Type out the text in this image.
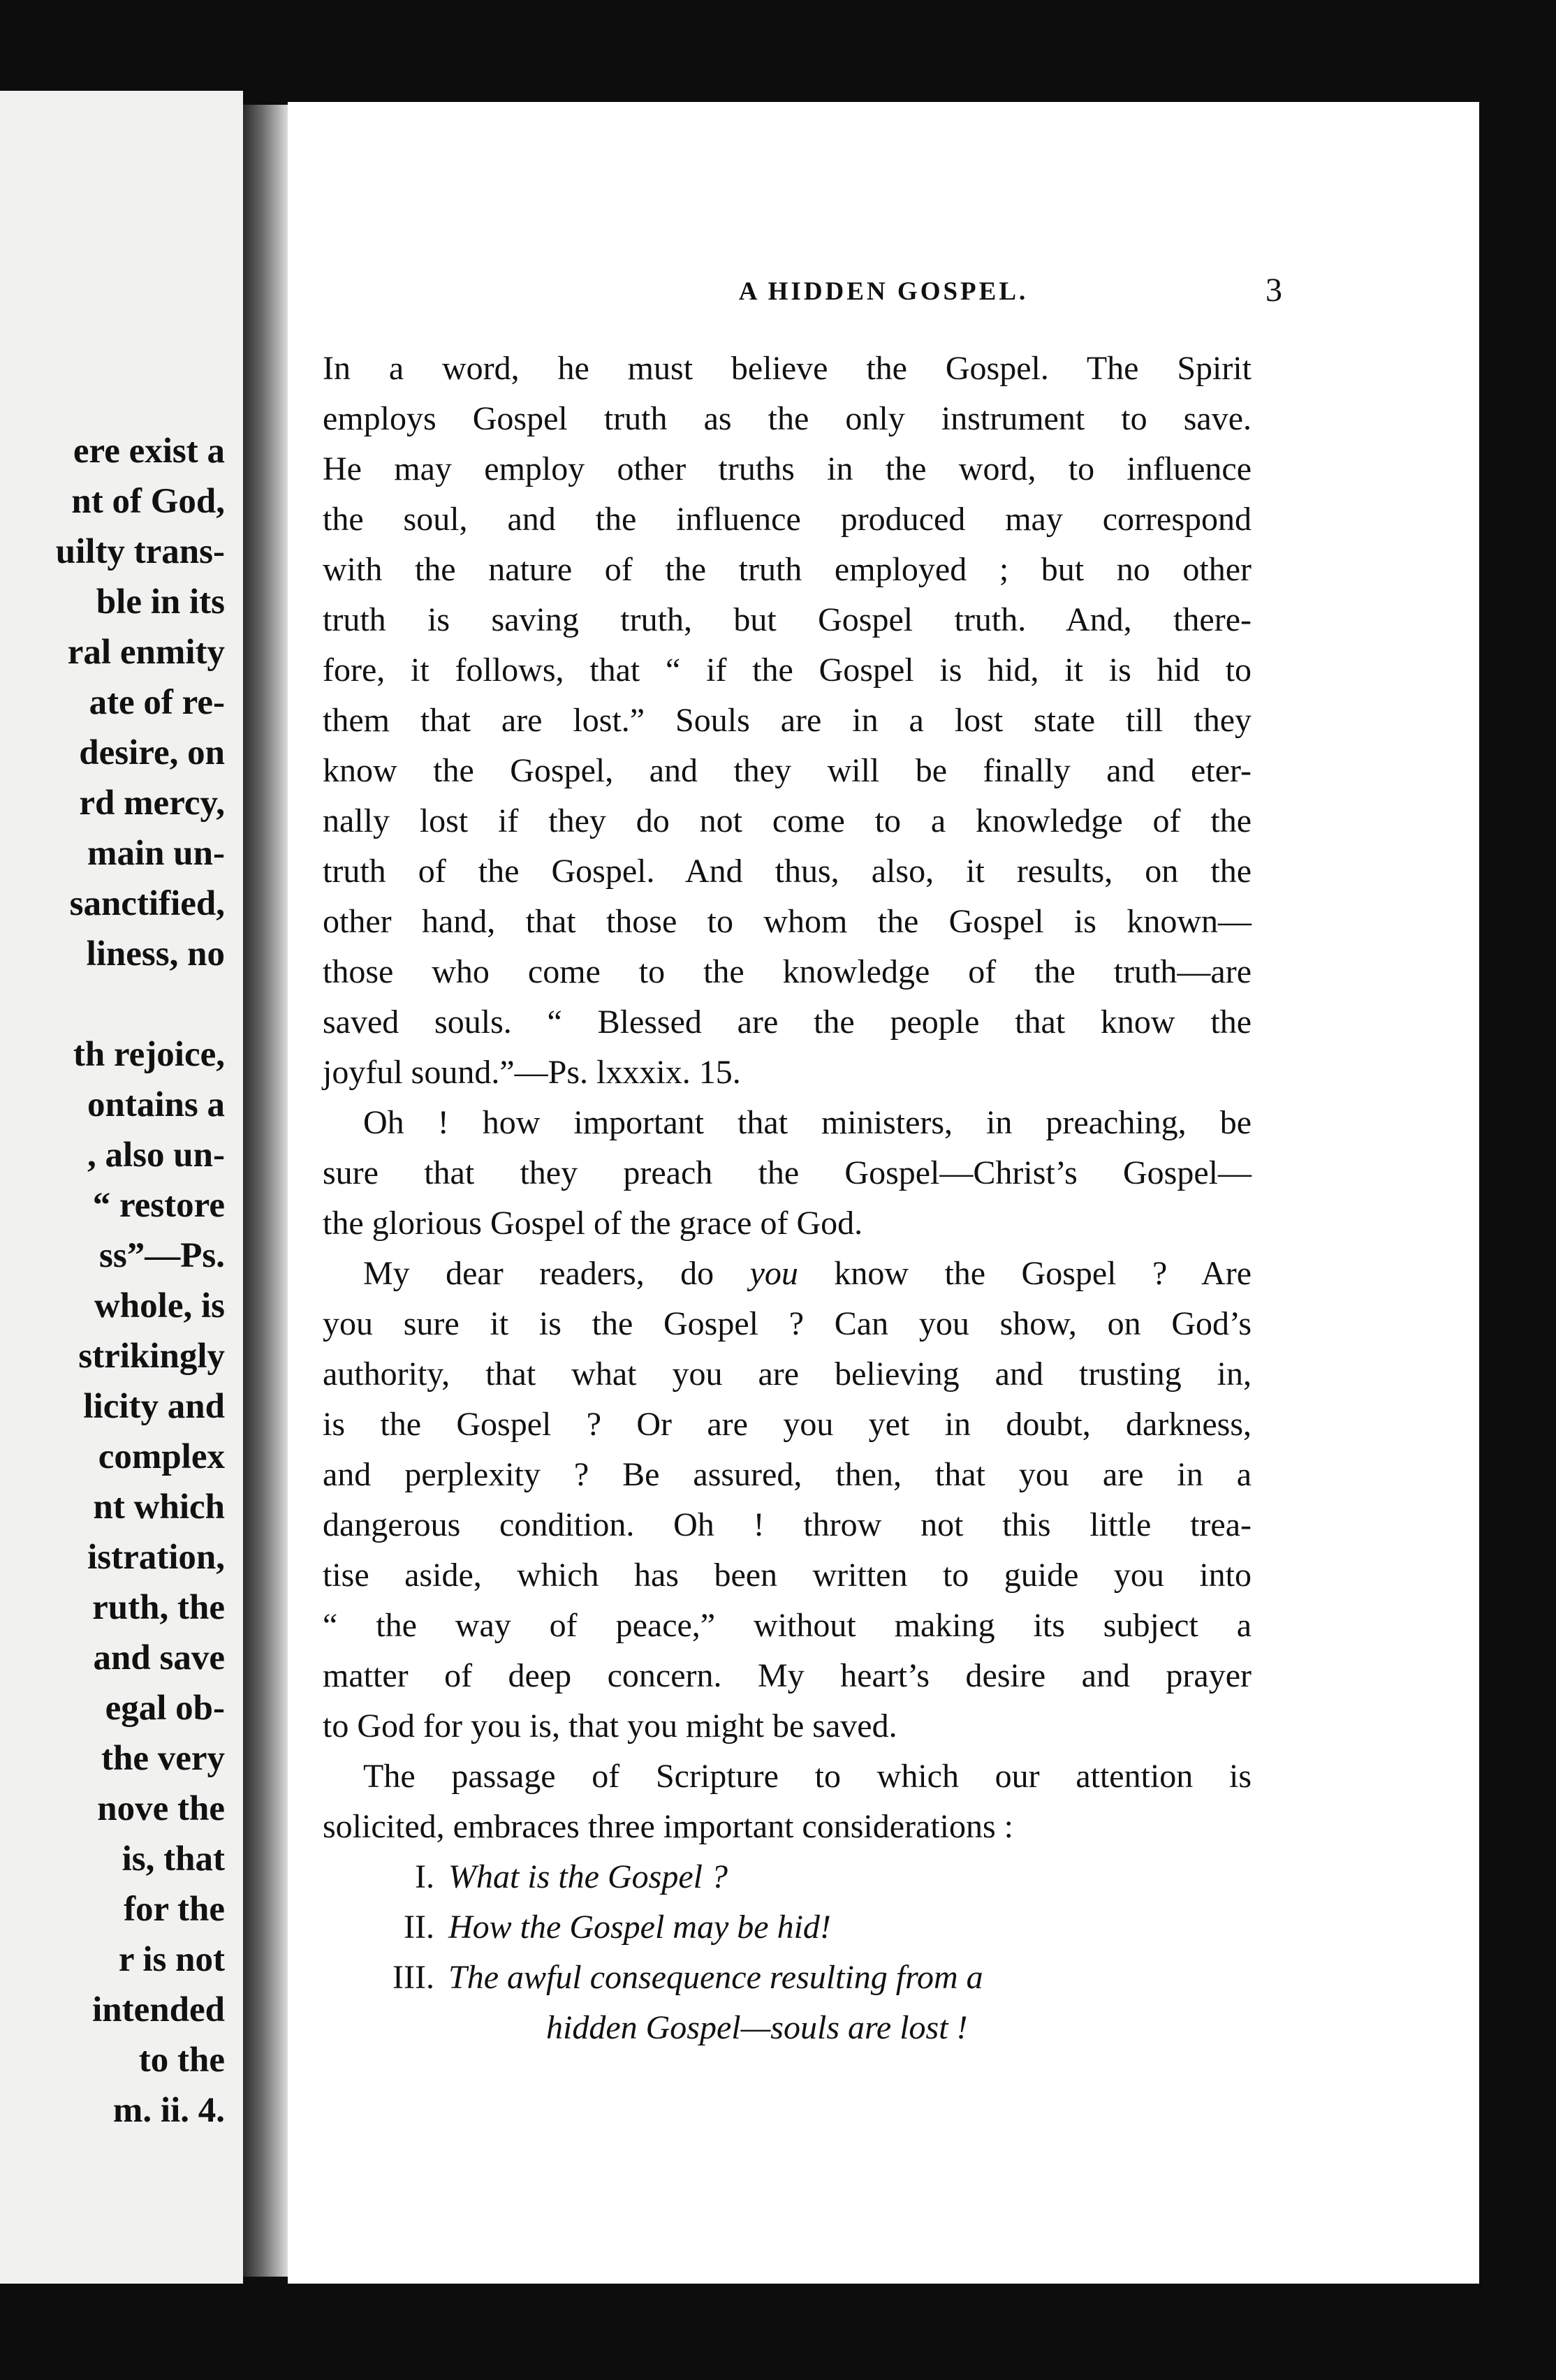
ere exist a
nt of God,
uilty trans-
ble in its
ral enmity
ate of re-
desire, on
rd mercy,
main un-
sanctified,
liness, no

th rejoice,
ontains a
, also un-
“ restore
ss”—Ps.
whole, is
strikingly
licity and
complex
nt which
istration,
ruth, the
and save
egal ob-
the very
nove the
is, that
for the
r is not
intended
to the
m. ii. 4.
A HIDDEN GOSPEL.	3
In a word, he must believe the Gospel. The Spirit
employs Gospel truth as the only instrument to save.
He may employ other truths in the word, to influence
the soul, and the influence produced may correspond
with the nature of the truth employed ; but no other
truth is saving truth, but Gospel truth. And, there-
fore, it follows, that “ if the Gospel is hid, it is hid to
them that are lost.” Souls are in a lost state till they
know the Gospel, and they will be finally and eter-
nally lost if they do not come to a knowledge of the
truth of the Gospel. And thus, also, it results, on the
other hand, that those to whom the Gospel is known—
those who come to the knowledge of the truth—are
saved souls. “ Blessed are the people that know the
joyful sound.”—Ps. lxxxix. 15.
Oh ! how important that ministers, in preaching, be
sure that they preach the Gospel—Christ’s Gospel—
the glorious Gospel of the grace of God.
My dear readers, do you know the Gospel ? Are
you sure it is the Gospel ? Can you show, on God’s
authority, that what you are believing and trusting in,
is the Gospel ? Or are you yet in doubt, darkness,
and perplexity ? Be assured, then, that you are in a
dangerous condition. Oh ! throw not this little trea-
tise aside, which has been written to guide you into
“ the way of peace,” without making its subject a
matter of deep concern. My heart’s desire and prayer
to God for you is, that you might be saved.
The passage of Scripture to which our attention is
solicited, embraces three important considerations :
I. What is the Gospel ?
II. How the Gospel may be hid!
III. The awful consequence resulting from a
hidden Gospel—souls are lost !
